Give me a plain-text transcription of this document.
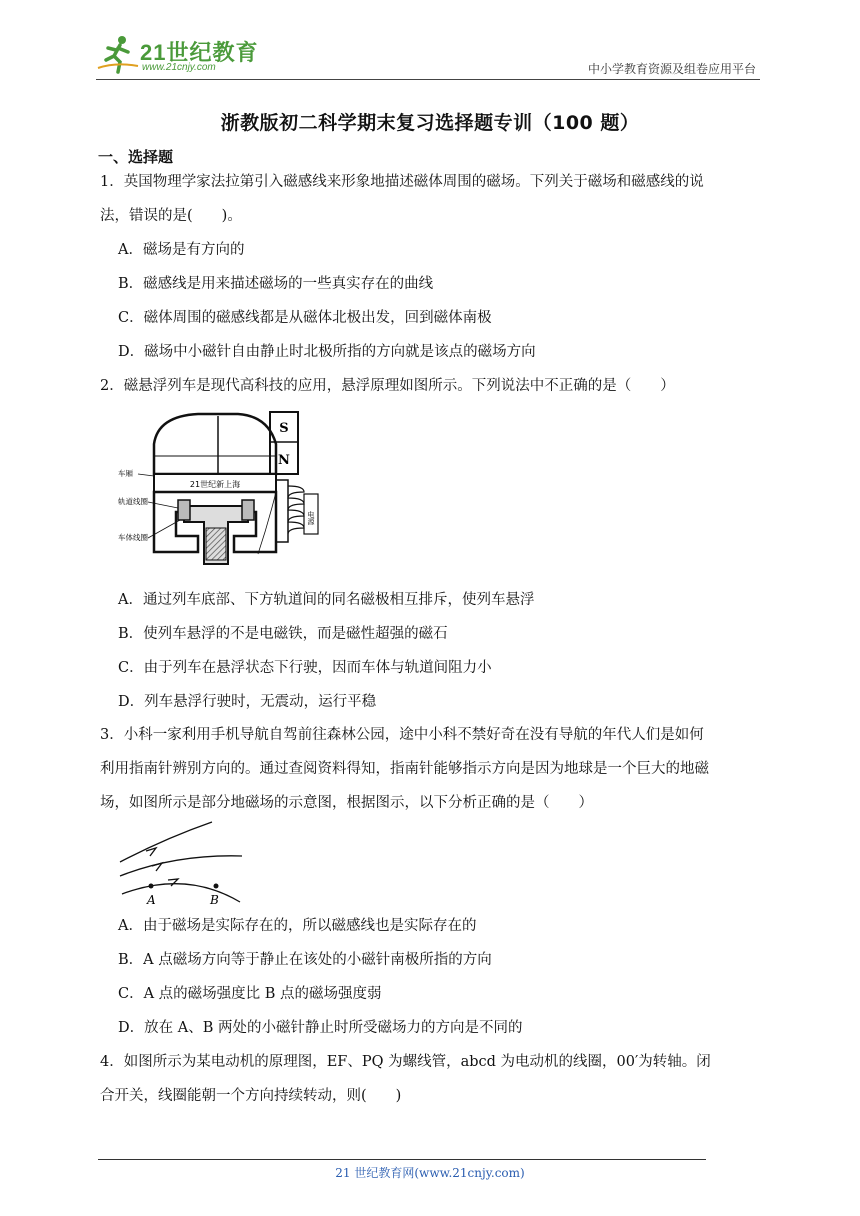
21世纪教育
www.21cnjy.com	中小学教育资源及组卷应用平台
浙教版初二科学期末复习选择题专训（100 题）
一、选择题
1．英国物理学家法拉第引入磁感线来形象地描述磁体周围的磁场。下列关于磁场和磁感线的说
法，错误的是(　　)。
A．磁场是有方向的
B．磁感线是用来描述磁场的一些真实存在的曲线
C．磁体周围的磁感线都是从磁体北极出发，回到磁体南极
D．磁场中小磁针自由静止时北极所指的方向就是该点的磁场方向
2．磁悬浮列车是现代高科技的应用，悬浮原理如图所示。下列说法中不正确的是（　　）
21世纪新上海
车厢
轨道线圈
车体线圈
S
N
电源
A．通过列车底部、下方轨道间的同名磁极相互排斥，使列车悬浮
B．使列车悬浮的不是电磁铁，而是磁性超强的磁石
C．由于列车在悬浮状态下行驶，因而车体与轨道间阻力小
D．列车悬浮行驶时，无震动，运行平稳
3．小科一家利用手机导航自驾前往森林公园，途中小科不禁好奇在没有导航的年代人们是如何
利用指南针辨别方向的。通过查阅资料得知，指南针能够指示方向是因为地球是一个巨大的地磁
场，如图所示是部分地磁场的示意图，根据图示，以下分析正确的是（　　）
A	B
A．由于磁场是实际存在的，所以磁感线也是实际存在的
B．A 点磁场方向等于静止在该处的小磁针南极所指的方向
C．A 点的磁场强度比 B 点的磁场强度弱
D．放在 A、B 两处的小磁针静止时所受磁场力的方向是不同的
4．如图所示为某电动机的原理图，EF、PQ 为螺线管，abcd 为电动机的线圈，00′为转轴。闭
合开关，线圈能朝一个方向持续转动，则(　　)
21 世纪教育网(www.21cnjy.com)
